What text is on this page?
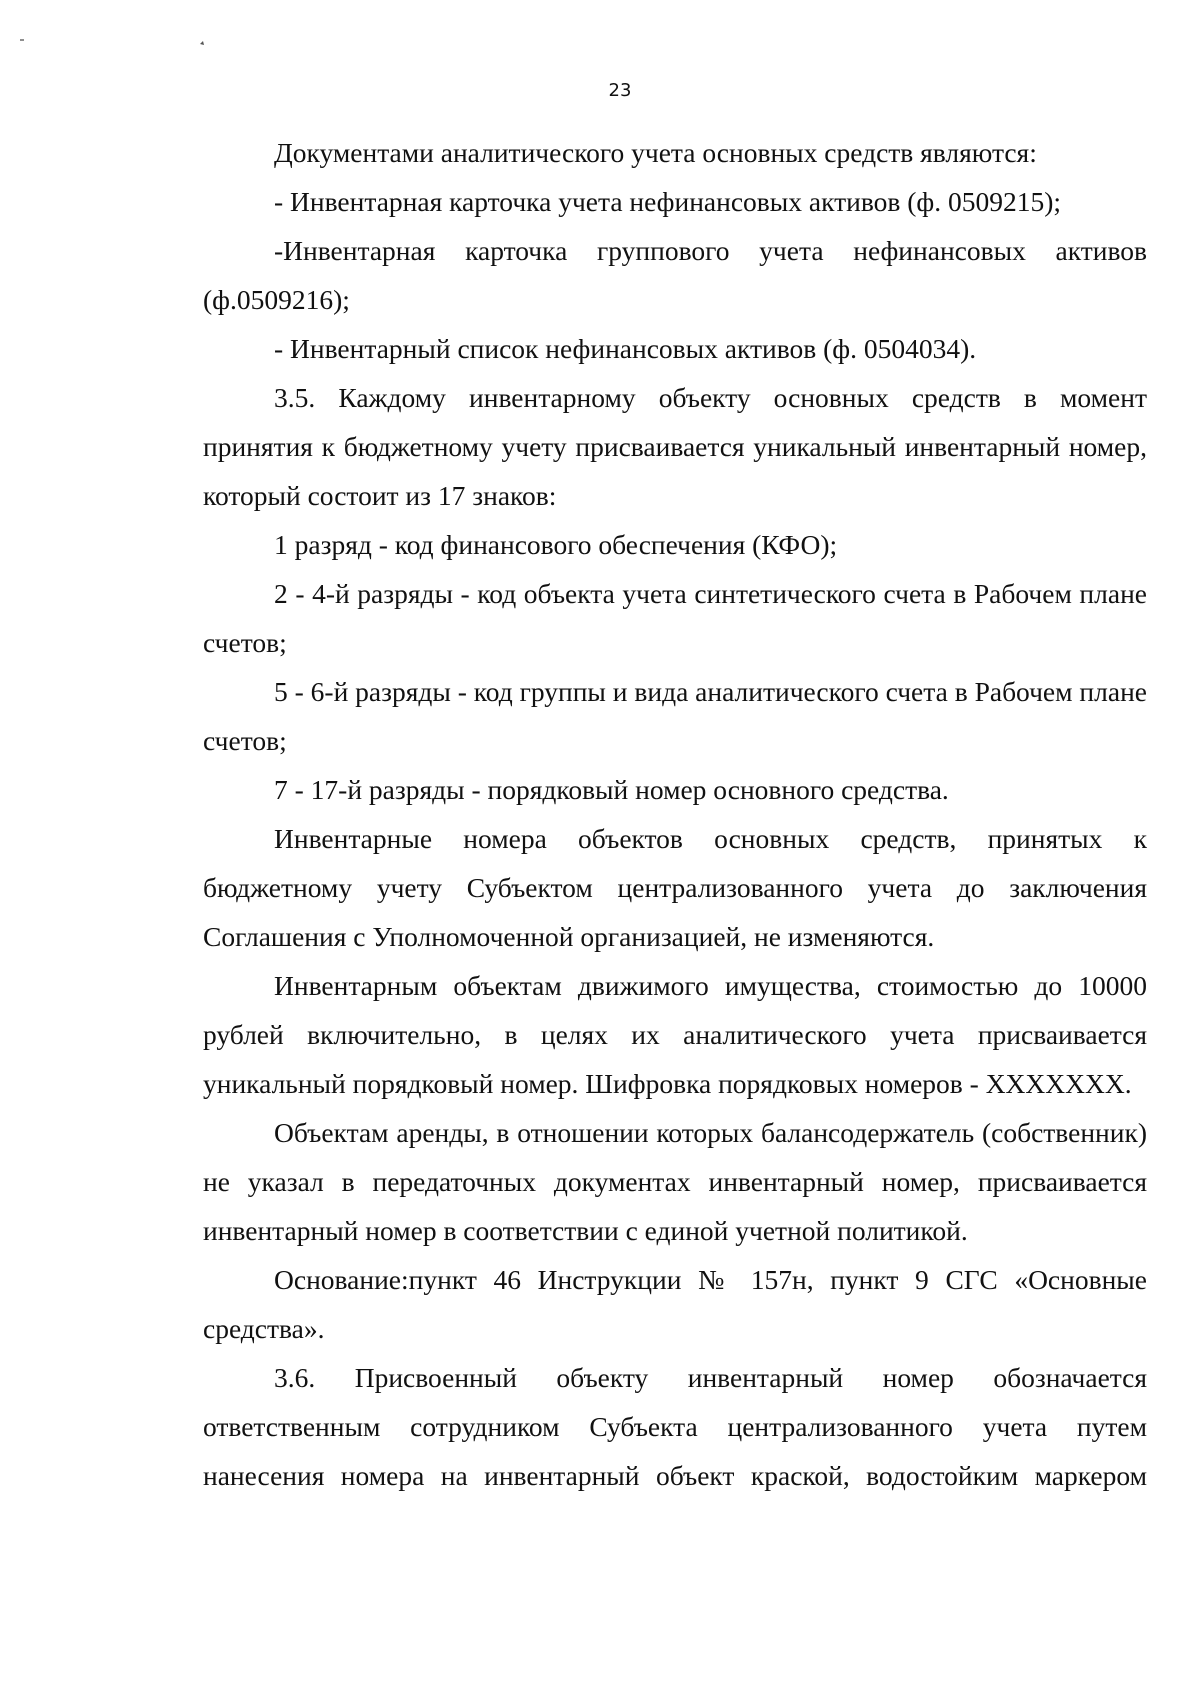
23

Документами аналитического учета основных средств являются:

- Инвентарная карточка учета нефинансовых активов (ф. 0509215);

-Инвентарная карточка группового учета нефинансовых активов (ф.0509216);

- Инвентарный список нефинансовых активов (ф. 0504034).

3.5. Каждому инвентарному объекту основных средств в момент принятия к бюджетному учету присваивается уникальный инвентарный номер, который состоит из 17 знаков:

1 разряд - код финансового обеспечения (КФО);

2 - 4-й разряды - код объекта учета синтетического счета в Рабочем плане счетов;

5 - 6-й разряды - код группы и вида аналитического счета в Рабочем плане счетов;

7 - 17-й разряды - порядковый номер основного средства.

Инвентарные номера объектов основных средств, принятых к бюджетному учету Субъектом централизованного учета до заключения Соглашения с Уполномоченной организацией, не изменяются.

Инвентарным объектам движимого имущества, стоимостью до 10000 рублей включительно, в целях их аналитического учета присваивается уникальный порядковый номер. Шифровка порядковых номеров - ХХХХХХХ.

Объектам аренды, в отношении которых балансодержатель (собственник) не указал в передаточных документах инвентарный номер, присваивается инвентарный номер в соответствии с единой учетной политикой.

Основание:пункт 46 Инструкции № 157н, пункт 9 СГС «Основные средства».

3.6. Присвоенный объекту инвентарный номер обозначается ответственным сотрудником Субъекта централизованного учета путем нанесения номера на инвентарный объект краской, водостойким маркером
